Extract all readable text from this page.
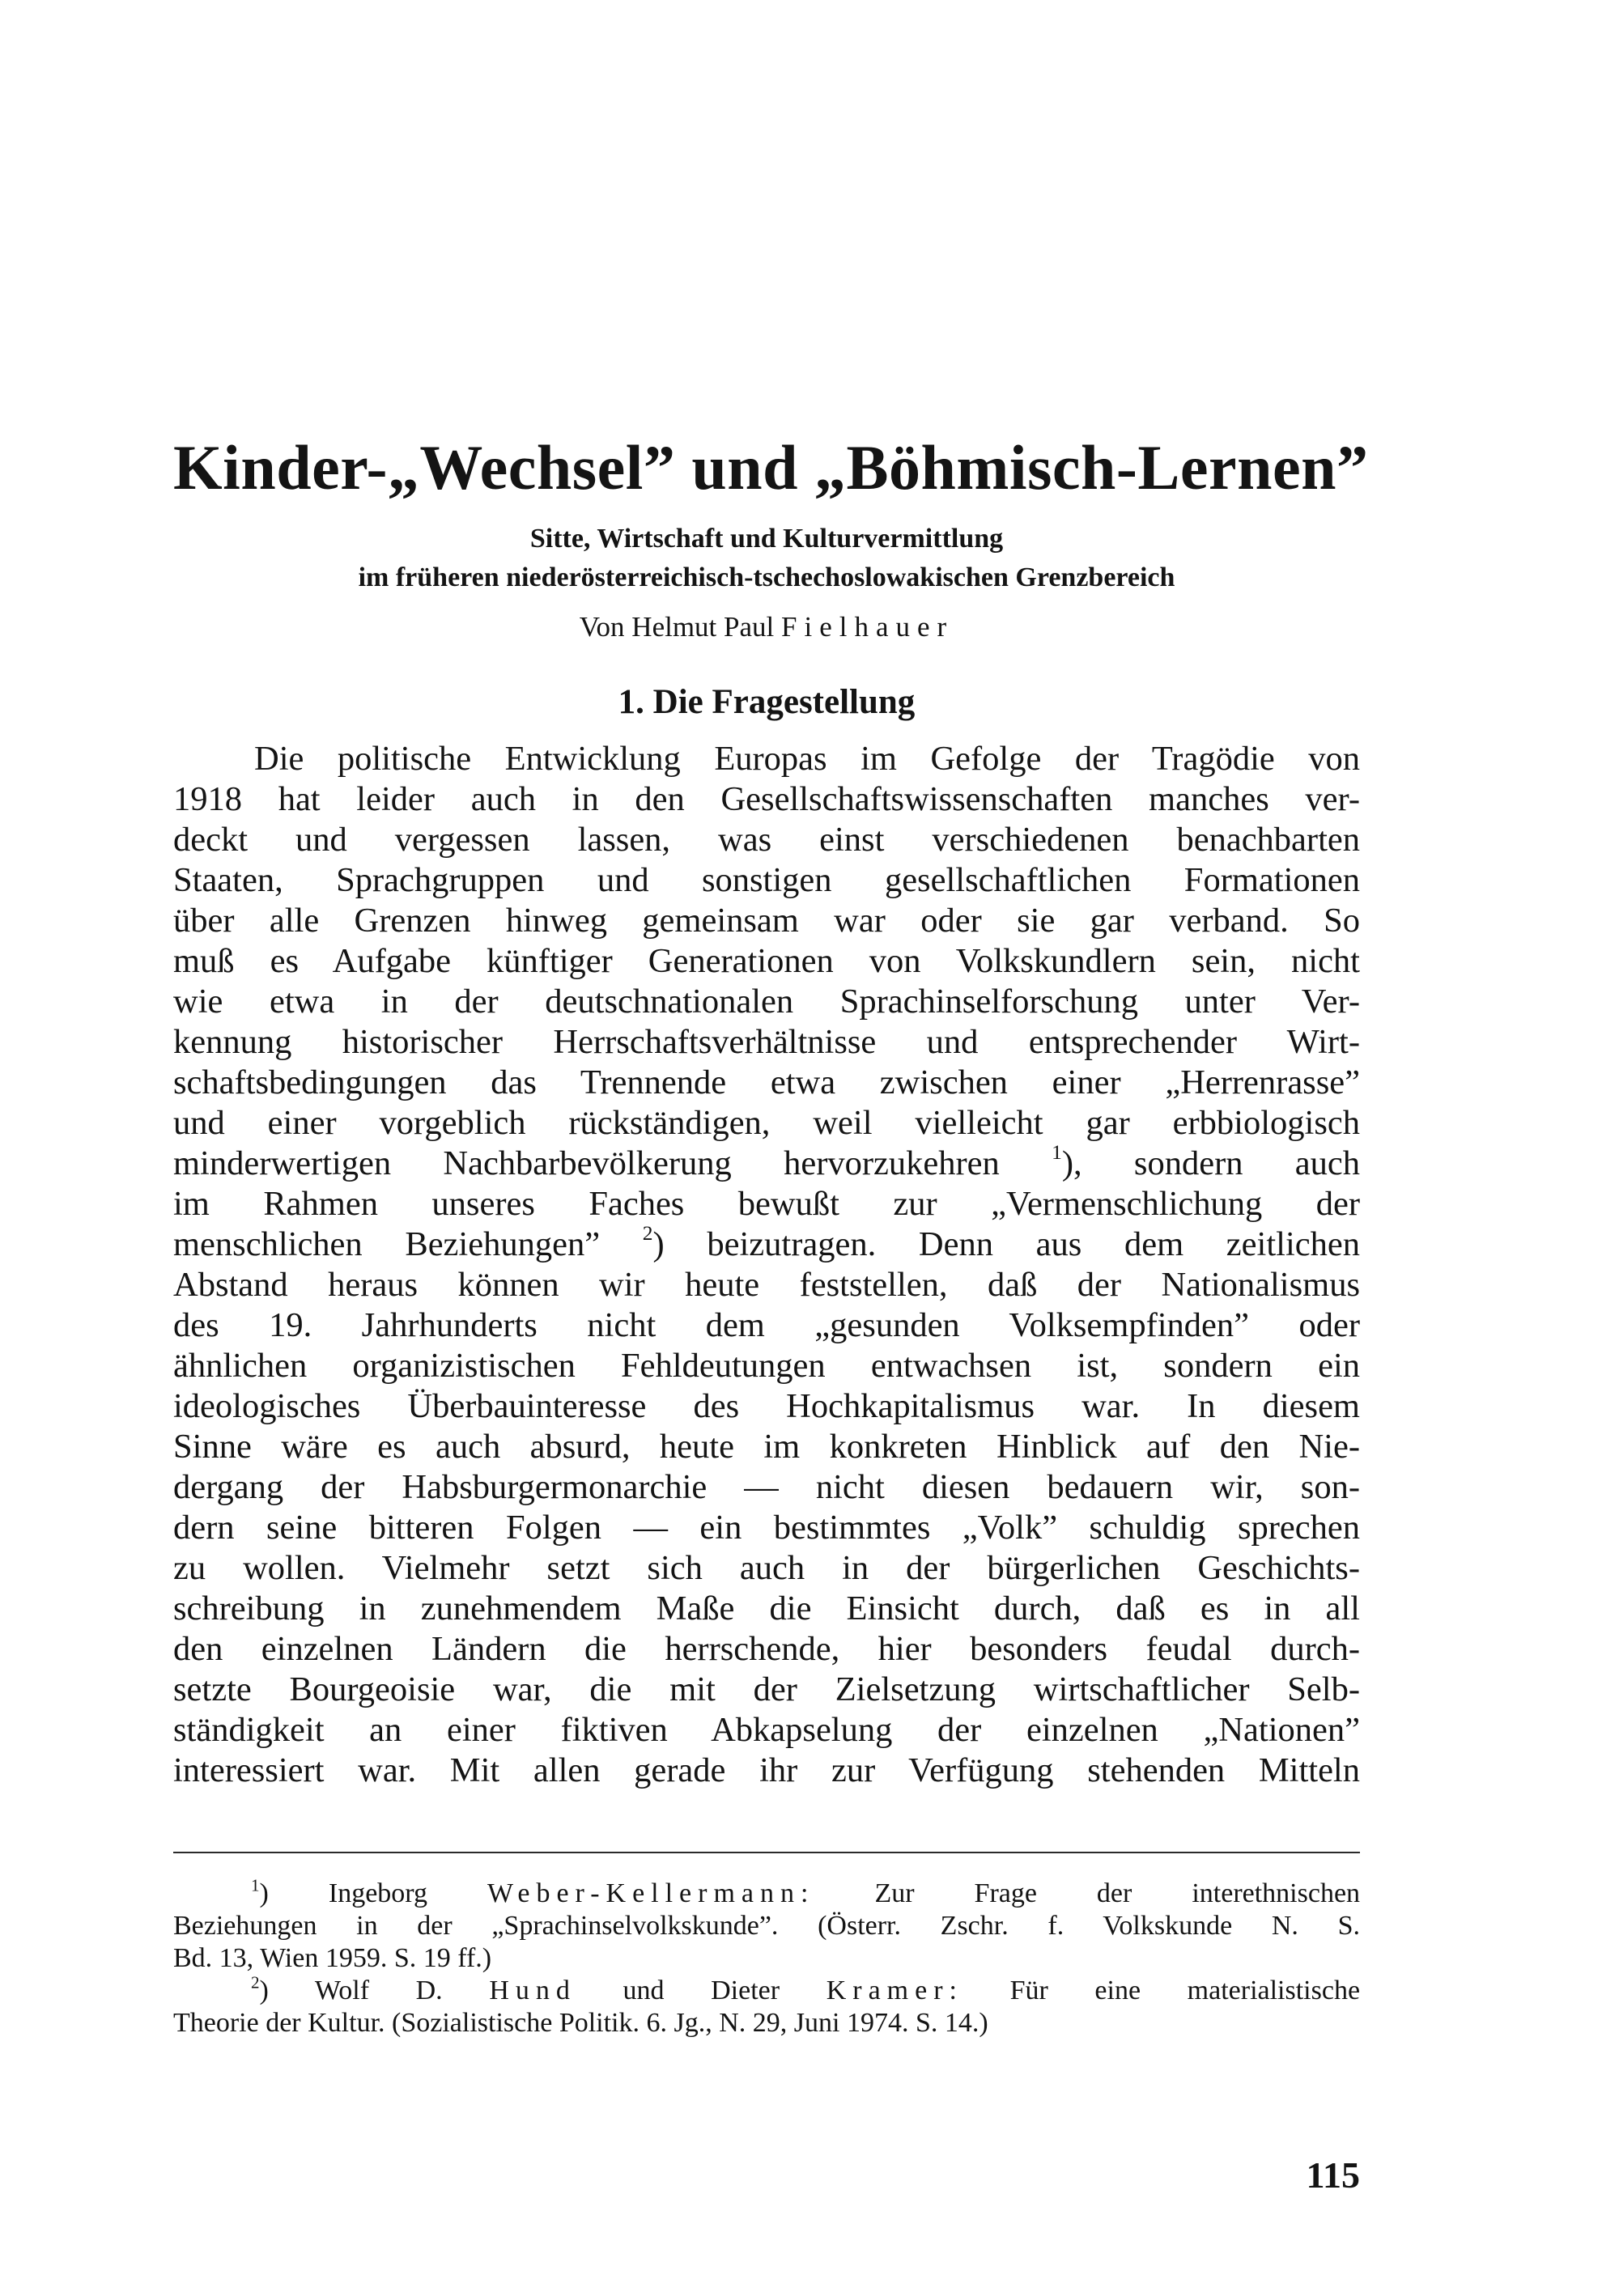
Kinder-„Wechsel” und „Böhmisch-Lernen”
Sitte, Wirtschaft und Kulturvermittlung
im früheren niederösterreichisch-tschechoslowakischen Grenzbereich
Von Helmut Paul Fielhauer
1. Die Fragestellung
Die politische Entwicklung Europas im Gefolge der Tragödie von
1918 hat leider auch in den Gesellschaftswissenschaften manches ver-
deckt und vergessen lassen, was einst verschiedenen benachbarten
Staaten, Sprachgruppen und sonstigen gesellschaftlichen Formationen
über alle Grenzen hinweg gemeinsam war oder sie gar verband. So
muß es Aufgabe künftiger Generationen von Volkskundlern sein, nicht
wie etwa in der deutschnationalen Sprachinselforschung unter Ver-
kennung historischer Herrschaftsverhältnisse und entsprechender Wirt-
schaftsbedingungen das Trennende etwa zwischen einer „Herrenrasse”
und einer vorgeblich rückständigen, weil vielleicht gar erbbiologisch
minderwertigen Nachbarbevölkerung hervorzukehren	$^1$), sondern auch
im Rahmen unseres Faches bewußt zur „Vermenschlichung der
menschlichen Beziehungen” $^2$) beizutragen. Denn aus dem zeitlichen
Abstand heraus können wir heute feststellen, daß der Nationalismus
des 19. Jahrhunderts nicht dem „gesunden Volksempfinden” oder
ähnlichen organizistischen Fehldeutungen entwachsen ist, sondern ein
ideologisches Überbauinteresse des Hochkapitalismus war. In diesem
Sinne wäre es auch absurd, heute im konkreten Hinblick auf den Nie-
dergang der Habsburgermonarchie — nicht diesen bedauern wir, son-
dern seine bitteren Folgen — ein bestimmtes „Volk” schuldig sprechen
zu wollen. Vielmehr setzt sich auch in der bürgerlichen Geschichts-
schreibung in zunehmendem Maße die Einsicht durch, daß es in all
den einzelnen Ländern die herrschende, hier besonders feudal durch-
setzte Bourgeoisie war, die mit der Zielsetzung wirtschaftlicher Selb-
ständigkeit an einer fiktiven Abkapselung der einzelnen „Nationen”
interessiert war. Mit allen gerade ihr zur Verfügung stehenden Mitteln
$^1$) Ingeborg Weber-Kellermann: Zur Frage der interethnischen
Beziehungen in der „Sprachinselvolkskunde”. (Österr. Zschr. f. Volkskunde N. S.
Bd. 13, Wien 1959. S. 19 ff.)
$^2$) Wolf D. Hund und Dieter Kramer: Für eine materialistische
Theorie der Kultur. (Sozialistische Politik. 6. Jg., N. 29, Juni 1974. S. 14.)
115
